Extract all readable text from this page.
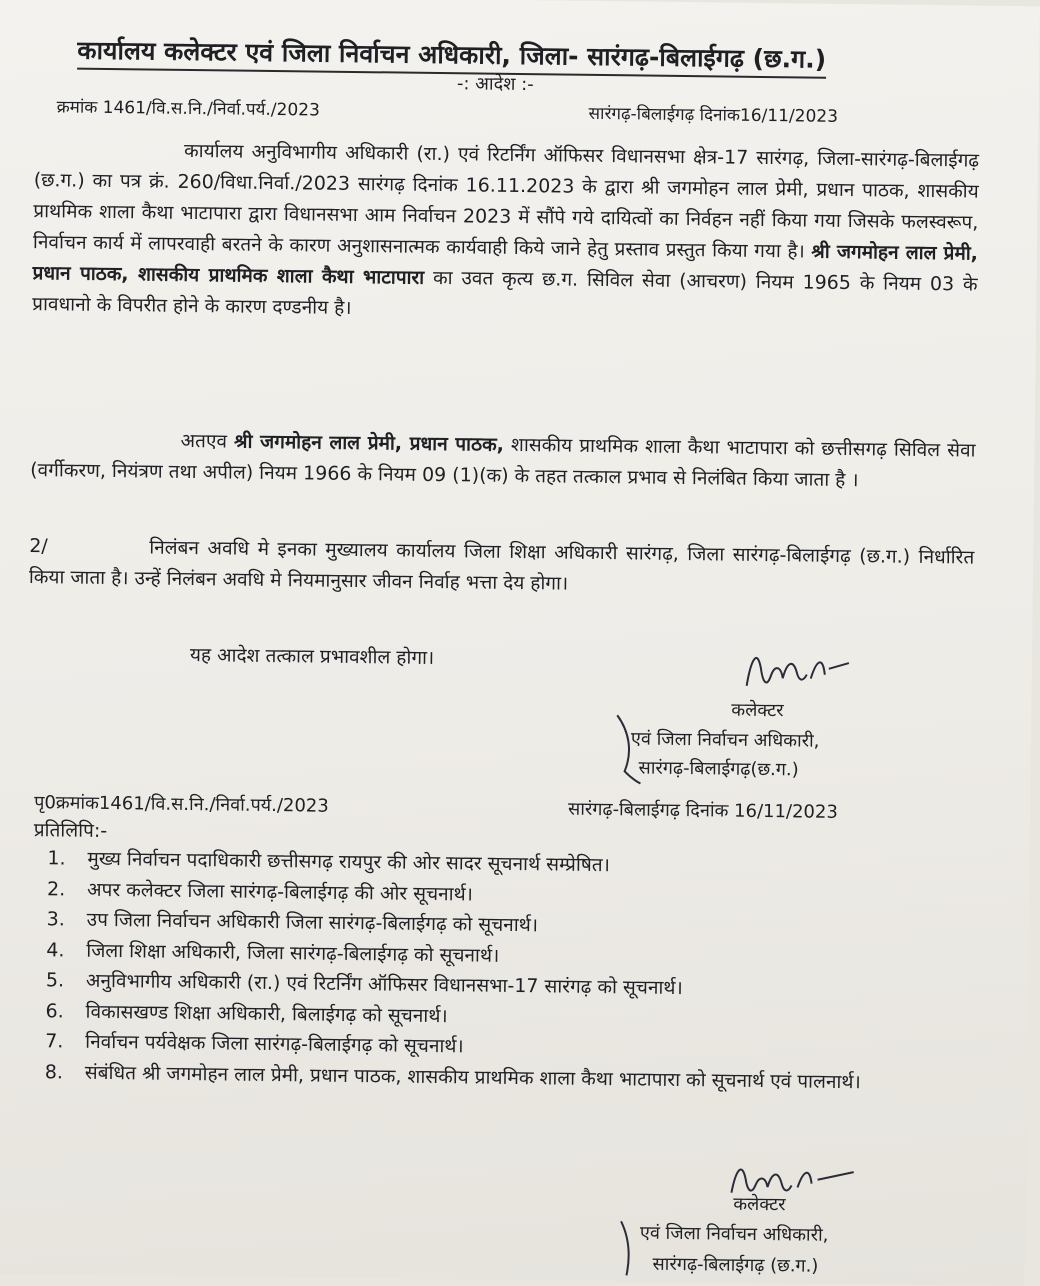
कार्यालय कलेक्टर एवं जिला निर्वाचन अधिकारी, जिला- सारंगढ़-बिलाईगढ़ (छ.ग.)
-: आदेश :-
क्रमांक 1461/वि.स.नि./निर्वा.पर्य./2023	सारंगढ़-बिलाईगढ़ दिनांक16/11/2023

कार्यालय अनुविभागीय अधिकारी (रा.) एवं रिटर्निंग ऑफिसर विधानसभा क्षेत्र-17 सारंगढ़, जिला-सारंगढ़-बिलाईगढ़ (छ.ग.) का पत्र क्रं. 260/विधा.निर्वा./2023 सारंगढ़ दिनांक 16.11.2023 के द्वारा श्री जगमोहन लाल प्रेमी, प्रधान पाठक, शासकीय प्राथमिक शाला कैथा भाटापारा द्वारा विधानसभा आम निर्वाचन 2023 में सौंपे गये दायित्वों का निर्वहन नहीं किया गया जिसके फलस्वरूप, निर्वाचन कार्य में लापरवाही बरतने के कारण अनुशासनात्मक कार्यवाही किये जाने हेतु प्रस्ताव प्रस्तुत किया गया है। श्री जगमोहन लाल प्रेमी, प्रधान पाठक, शासकीय प्राथमिक शाला कैथा भाटापारा का उवत कृत्य छ.ग. सिविल सेवा (आचरण) नियम 1965 के नियम 03 के प्रावधानो के विपरीत होने के कारण दण्डनीय है।

अतएव श्री जगमोहन लाल प्रेमी, प्रधान पाठक, शासकीय प्राथमिक शाला कैथा भाटापारा को छत्तीसगढ़ सिविल सेवा (वर्गीकरण, नियंत्रण तथा अपील) नियम 1966 के नियम 09 (1)(क) के तहत तत्काल प्रभाव से निलंबित किया जाता है ।

2/	निलंबन अवधि मे इनका मुख्यालय कार्यालय जिला शिक्षा अधिकारी सारंगढ़, जिला सारंगढ़-बिलाईगढ़ (छ.ग.) निर्धारित किया जाता है। उन्हें निलंबन अवधि मे नियमानुसार जीवन निर्वाह भत्ता देय होगा।

यह आदेश तत्काल प्रभावशील होगा।
कलेक्टर
एवं जिला निर्वाचन अधिकारी,
सारंगढ़-बिलाईगढ़(छ.ग.)
पृ0क्रमांक1461/वि.स.नि./निर्वा.पर्य./2023	सारंगढ़-बिलाईगढ़ दिनांक 16/11/2023
प्रतिलिपि:-
1. मुख्य निर्वाचन पदाधिकारी छत्तीसगढ़ रायपुर की ओर सादर सूचनार्थ सम्प्रेषित।
2. अपर कलेक्टर जिला सारंगढ़-बिलाईगढ़ की ओर सूचनार्थ।
3. उप जिला निर्वाचन अधिकारी जिला सारंगढ़-बिलाईगढ़ को सूचनार्थ।
4. जिला शिक्षा अधिकारी, जिला सारंगढ़-बिलाईगढ़ को सूचनार्थ।
5. अनुविभागीय अधिकारी (रा.) एवं रिटर्निंग ऑफिसर विधानसभा-17 सारंगढ़ को सूचनार्थ।
6. विकासखण्ड शिक्षा अधिकारी, बिलाईगढ़ को सूचनार्थ।
7. निर्वाचन पर्यवेक्षक जिला सारंगढ़-बिलाईगढ़ को सूचनार्थ।
8. संबंधित श्री जगमोहन लाल प्रेमी, प्रधान पाठक, शासकीय प्राथमिक शाला कैथा भाटापारा को सूचनार्थ एवं पालनार्थ।
कलेक्टर
एवं जिला निर्वाचन अधिकारी,
सारंगढ़-बिलाईगढ़ (छ.ग.)
